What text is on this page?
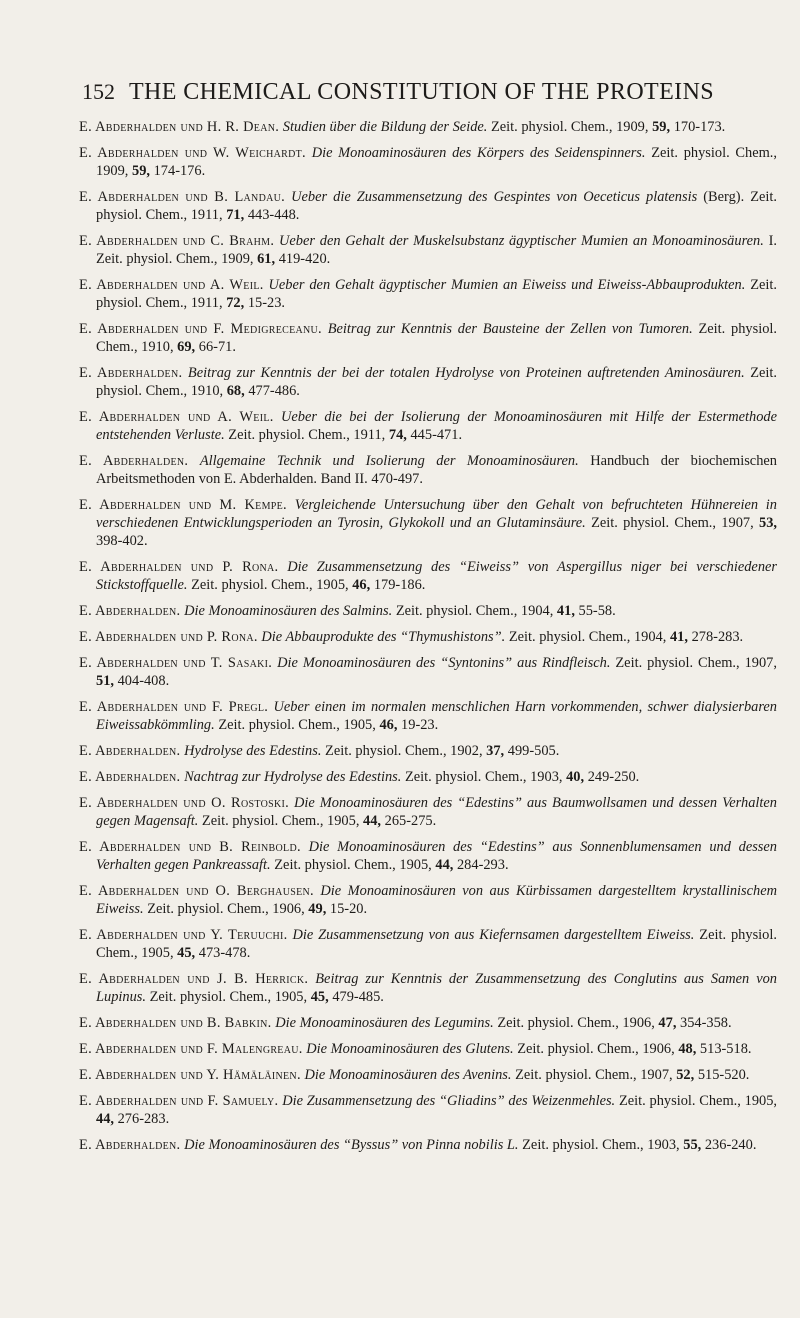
152 THE CHEMICAL CONSTITUTION OF THE PROTEINS

E. Abderhalden und H. R. Dean. Studien über die Bildung der Seide. Zeit. physiol. Chem., 1909, 59, 170-173.

E. Abderhalden und W. Weichardt. Die Monoaminosäuren des Körpers des Seidenspinners. Zeit. physiol. Chem., 1909, 59, 174-176.

E. Abderhalden und B. Landau. Ueber die Zusammensetzung des Gespintes von Oeceticus platensis (Berg). Zeit. physiol. Chem., 1911, 71, 443-448.

E. Abderhalden und C. Brahm. Ueber den Gehalt der Muskelsubstanz ägyptischer Mumien an Monoaminosäuren. I. Zeit. physiol. Chem., 1909, 61, 419-420.

E. Abderhalden und A. Weil. Ueber den Gehalt ägyptischer Mumien an Eiweiss und Eiweiss-Abbauprodukten. Zeit. physiol. Chem., 1911, 72, 15-23.

E. Abderhalden und F. Medigreceanu. Beitrag zur Kenntnis der Bausteine der Zellen von Tumoren. Zeit. physiol. Chem., 1910, 69, 66-71.

E. Abderhalden. Beitrag zur Kenntnis der bei der totalen Hydrolyse von Proteinen auftretenden Aminosäuren. Zeit. physiol. Chem., 1910, 68, 477-486.

E. Abderhalden und A. Weil. Ueber die bei der Isolierung der Monoaminosäuren mit Hilfe der Estermethode entstehenden Verluste. Zeit. physiol. Chem., 1911, 74, 445-471.

E. Abderhalden. Allgemaine Technik und Isolierung der Monoaminosäuren. Handbuch der biochemischen Arbeitsmethoden von E. Abderhalden. Band II. 470-497.

E. Abderhalden und M. Kempe. Vergleichende Untersuchung über den Gehalt von befruchteten Hühnereien in verschiedenen Entwicklungsperioden an Tyrosin, Glykokoll und an Glutaminsäure. Zeit. physiol. Chem., 1907, 53, 398-402.

E. Abderhalden und P. Rona. Die Zusammensetzung des “Eiweiss” von Aspergillus niger bei verschiedener Stickstoffquelle. Zeit. physiol. Chem., 1905, 46, 179-186.

E. Abderhalden. Die Monoaminosäuren des Salmins. Zeit. physiol. Chem., 1904, 41, 55-58.

E. Abderhalden und P. Rona. Die Abbauprodukte des “Thymushistons”. Zeit. physiol. Chem., 1904, 41, 278-283.

E. Abderhalden und T. Sasaki. Die Monoaminosäuren des “Syntonins” aus Rindfleisch. Zeit. physiol. Chem., 1907, 51, 404-408.

E. Abderhalden und F. Pregl. Ueber einen im normalen menschlichen Harn vorkommenden, schwer dialysierbaren Eiweissabkömmling. Zeit. physiol. Chem., 1905, 46, 19-23.

E. Abderhalden. Hydrolyse des Edestins. Zeit. physiol. Chem., 1902, 37, 499-505.

E. Abderhalden. Nachtrag zur Hydrolyse des Edestins. Zeit. physiol. Chem., 1903, 40, 249-250.

E. Abderhalden und O. Rostoski. Die Monoaminosäuren des “Edestins” aus Baumwollsamen und dessen Verhalten gegen Magensaft. Zeit. physiol. Chem., 1905, 44, 265-275.

E. Abderhalden und B. Reinbold. Die Monoaminosäuren des “Edestins” aus Sonnenblumensamen und dessen Verhalten gegen Pankreassaft. Zeit. physiol. Chem., 1905, 44, 284-293.

E. Abderhalden und O. Berghausen. Die Monoaminosäuren von aus Kürbissamen dargestelltem krystallinischem Eiweiss. Zeit. physiol. Chem., 1906, 49, 15-20.

E. Abderhalden und Y. Teruuchi. Die Zusammensetzung von aus Kiefernsamen dargestelltem Eiweiss. Zeit. physiol. Chem., 1905, 45, 473-478.

E. Abderhalden und J. B. Herrick. Beitrag zur Kenntnis der Zusammensetzung des Conglutins aus Samen von Lupinus. Zeit. physiol. Chem., 1905, 45, 479-485.

E. Abderhalden und B. Babkin. Die Monoaminosäuren des Legumins. Zeit. physiol. Chem., 1906, 47, 354-358.

E. Abderhalden und F. Malengreau. Die Monoaminosäuren des Glutens. Zeit. physiol. Chem., 1906, 48, 513-518.

E. Abderhalden und Y. Hämäläinen. Die Monoaminosäuren des Avenins. Zeit. physiol. Chem., 1907, 52, 515-520.

E. Abderhalden und F. Samuely. Die Zusammensetzung des “Gliadins” des Weizenmehles. Zeit. physiol. Chem., 1905, 44, 276-283.

E. Abderhalden. Die Monoaminosäuren des “Byssus” von Pinna nobilis L. Zeit. physiol. Chem., 1903, 55, 236-240.
